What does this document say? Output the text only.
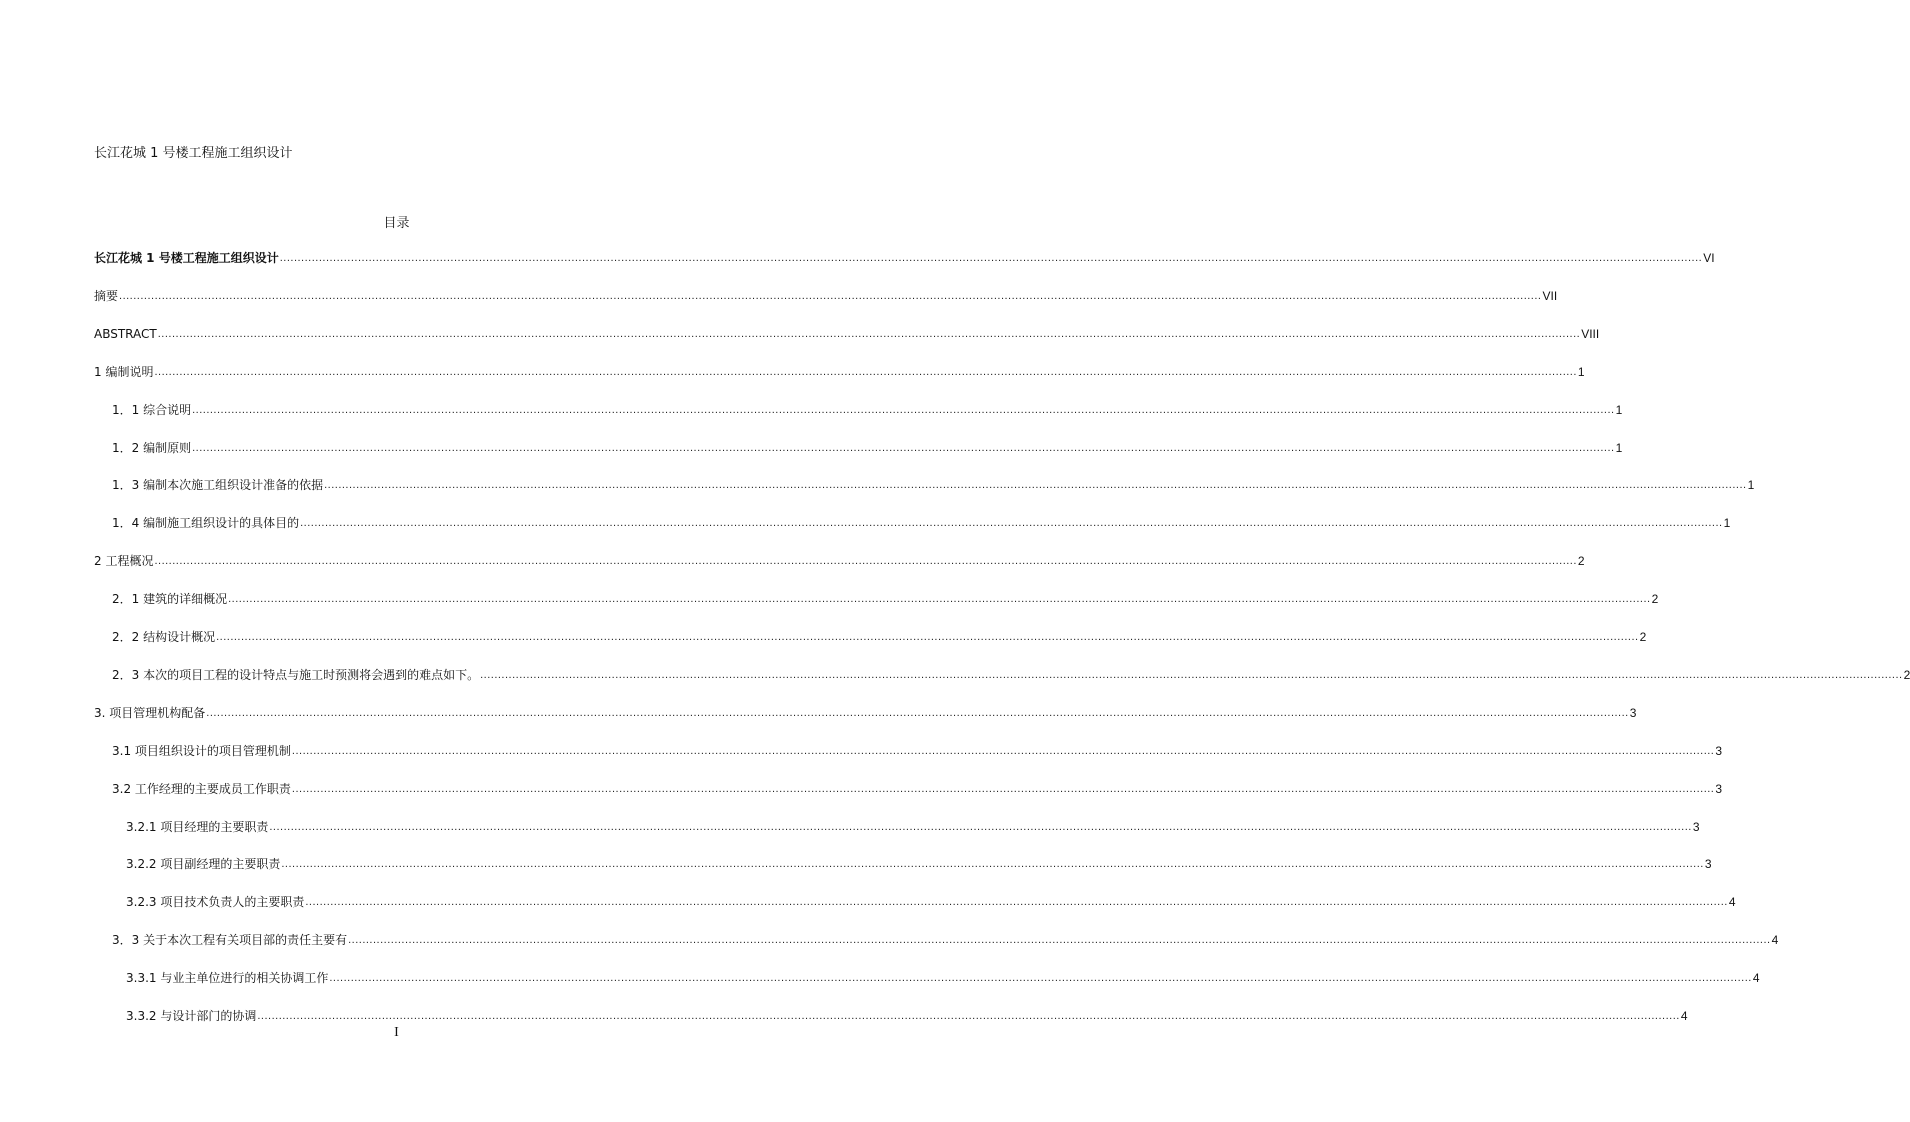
长江花城 1 号楼工程施工组织设计
目录
长江花城 1 号楼工程施工组织设计 ................................................................................................................................................................................................................................................................................................................................................................................................................ VI
摘要 ................................................................................................................................................................................................................................................................................................................................................................................................................ VII
ABSTRACT ................................................................................................................................................................................................................................................................................................................................................................................................................ VIII
1 编制说明 ................................................................................................................................................................................................................................................................................................................................................................................................................ 1
1．1 综合说明 ................................................................................................................................................................................................................................................................................................................................................................................................................ 1
1．2 编制原则 ................................................................................................................................................................................................................................................................................................................................................................................................................ 1
1．3 编制本次施工组织设计准备的依据 ................................................................................................................................................................................................................................................................................................................................................................................................................ 1
1．4 编制施工组织设计的具体目的 ................................................................................................................................................................................................................................................................................................................................................................................................................ 1
2 工程概况 ................................................................................................................................................................................................................................................................................................................................................................................................................ 2
2．1 建筑的详细概况 ................................................................................................................................................................................................................................................................................................................................................................................................................ 2
2．2 结构设计概况 ................................................................................................................................................................................................................................................................................................................................................................................................................ 2
2．3 本次的项目工程的设计特点与施工时预测将会遇到的难点如下。 ................................................................................................................................................................................................................................................................................................................................................................................................................ 2
3. 项目管理机构配备 ................................................................................................................................................................................................................................................................................................................................................................................................................ 3
3.1 项目组织设计的项目管理机制 ................................................................................................................................................................................................................................................................................................................................................................................................................ 3
3.2 工作经理的主要成员工作职责 ................................................................................................................................................................................................................................................................................................................................................................................................................ 3
3.2.1 项目经理的主要职责 ................................................................................................................................................................................................................................................................................................................................................................................................................ 3
3.2.2 项目副经理的主要职责 ................................................................................................................................................................................................................................................................................................................................................................................................................ 3
3.2.3 项目技术负责人的主要职责 ................................................................................................................................................................................................................................................................................................................................................................................................................ 4
3．3 关于本次工程有关项目部的责任主要有 ................................................................................................................................................................................................................................................................................................................................................................................................................ 4
3.3.1 与业主单位进行的相关协调工作 ................................................................................................................................................................................................................................................................................................................................................................................................................ 4
3.3.2 与设计部门的协调 ................................................................................................................................................................................................................................................................................................................................................................................................................ 4
I
